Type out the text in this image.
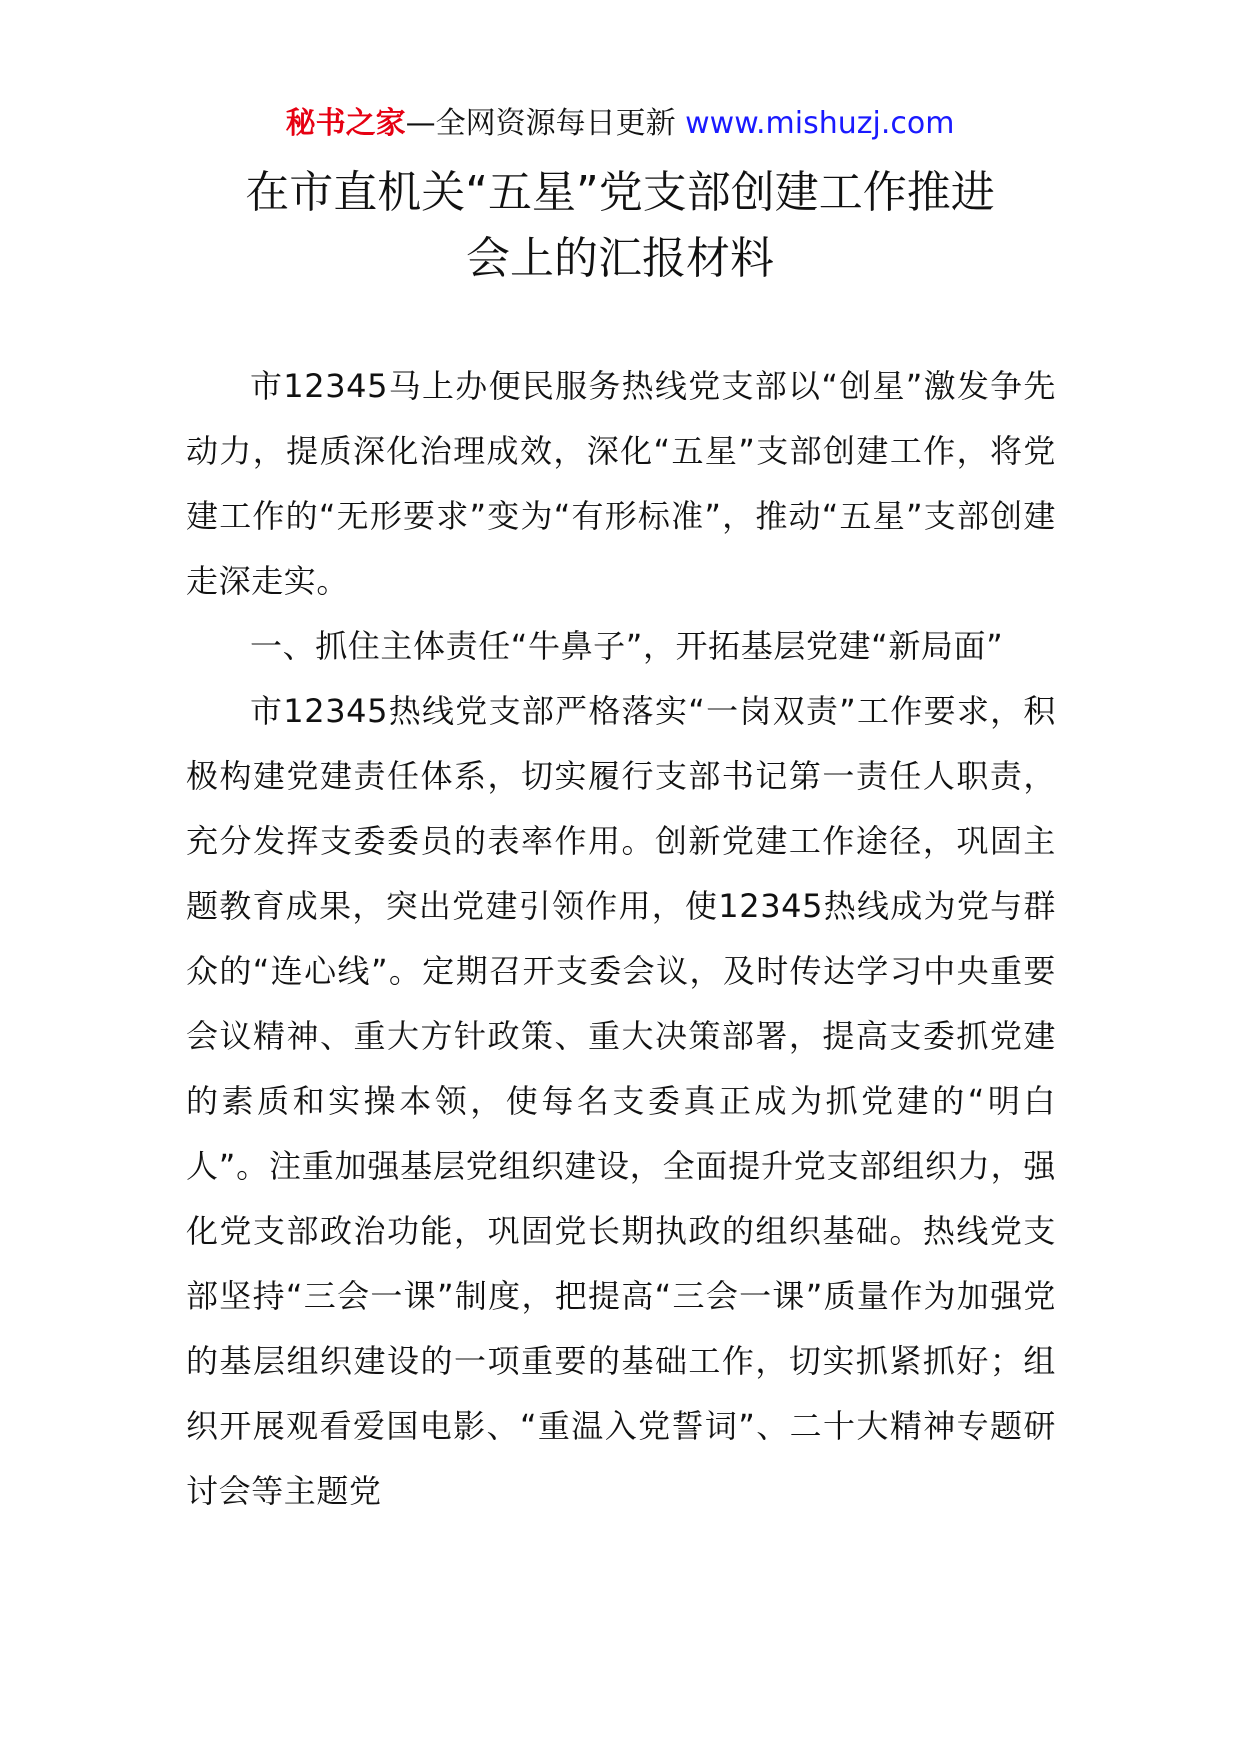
秘书之家—全网资源每日更新 www.mishuzj.com
在市直机关“五星”党支部创建工作推进
会上的汇报材料

市12345马上办便民服务热线党支部以“创星”激发争先动力，提质深化治理成效，深化“五星”支部创建工作，将党建工作的“无形要求”变为“有形标准”，推动“五星”支部创建走深走实。

一、抓住主体责任“牛鼻子”，开拓基层党建“新局面”

市12345热线党支部严格落实“一岗双责”工作要求，积极构建党建责任体系，切实履行支部书记第一责任人职责，充分发挥支委委员的表率作用。创新党建工作途径，巩固主题教育成果，突出党建引领作用，使12345热线成为党与群众的“连心线”。定期召开支委会议，及时传达学习中央重要会议精神、重大方针政策、重大决策部署，提高支委抓党建的素质和实操本领，使每名支委真正成为抓党建的“明白人”。注重加强基层党组织建设，全面提升党支部组织力，强化党支部政治功能，巩固党长期执政的组织基础。热线党支部坚持“三会一课”制度，把提高“三会一课”质量作为加强党的基层组织建设的一项重要的基础工作，切实抓紧抓好；组织开展观看爱国电影、“重温入党誓词”、二十大精神专题研讨会等主题党
